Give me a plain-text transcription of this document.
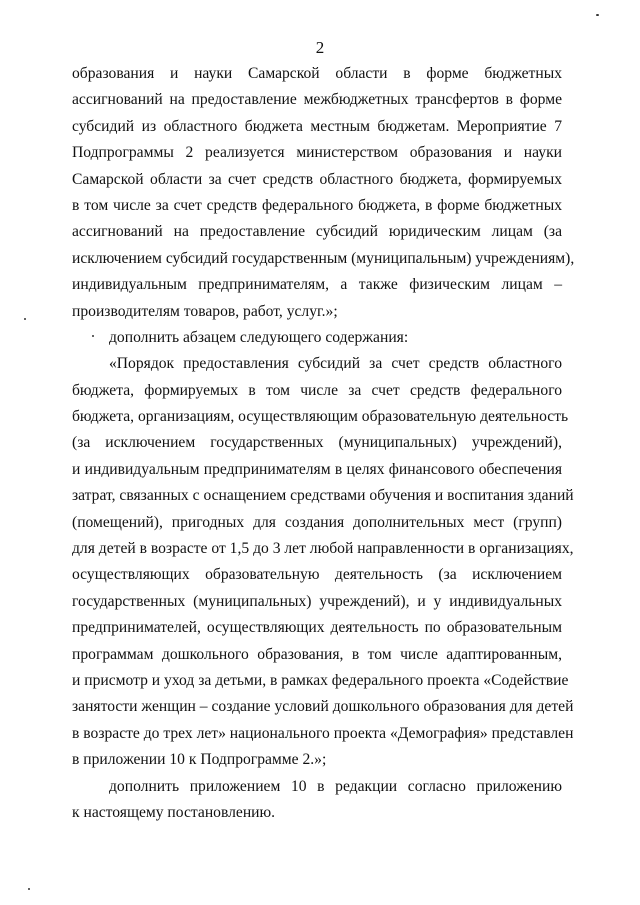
2

образования и науки Самарской области в форме бюджетных
ассигнований на предоставление межбюджетных трансфертов в форме
субсидий из областного бюджета местным бюджетам. Мероприятие 7
Подпрограммы 2 реализуется министерством образования и науки
Самарской области за счет средств областного бюджета, формируемых
в том числе за счет средств федерального бюджета, в форме бюджетных
ассигнований на предоставление субсидий юридическим лицам (за
исключением субсидий государственным (муниципальным) учреждениям),
индивидуальным предпринимателям, а также физическим лицам –
производителям товаров, работ, услуг.»;

дополнить абзацем следующего содержания:

«Порядок предоставления субсидий за счет средств областного
бюджета, формируемых в том числе за счет средств федерального
бюджета, организациям, осуществляющим образовательную деятельность
(за исключением государственных (муниципальных) учреждений),
и индивидуальным предпринимателям в целях финансового обеспечения
затрат, связанных с оснащением средствами обучения и воспитания зданий
(помещений), пригодных для создания дополнительных мест (групп)
для детей в возрасте от 1,5 до 3 лет любой направленности в организациях,
осуществляющих образовательную деятельность (за исключением
государственных (муниципальных) учреждений), и у индивидуальных
предпринимателей, осуществляющих деятельность по образовательным
программам дошкольного образования, в том числе адаптированным,
и присмотр и уход за детьми, в рамках федерального проекта «Содействие
занятости женщин – создание условий дошкольного образования для детей
в возрасте до трех лет» национального проекта «Демография» представлен
в приложении 10 к Подпрограмме 2.»;

дополнить приложением 10 в редакции согласно приложению
к настоящему постановлению.
